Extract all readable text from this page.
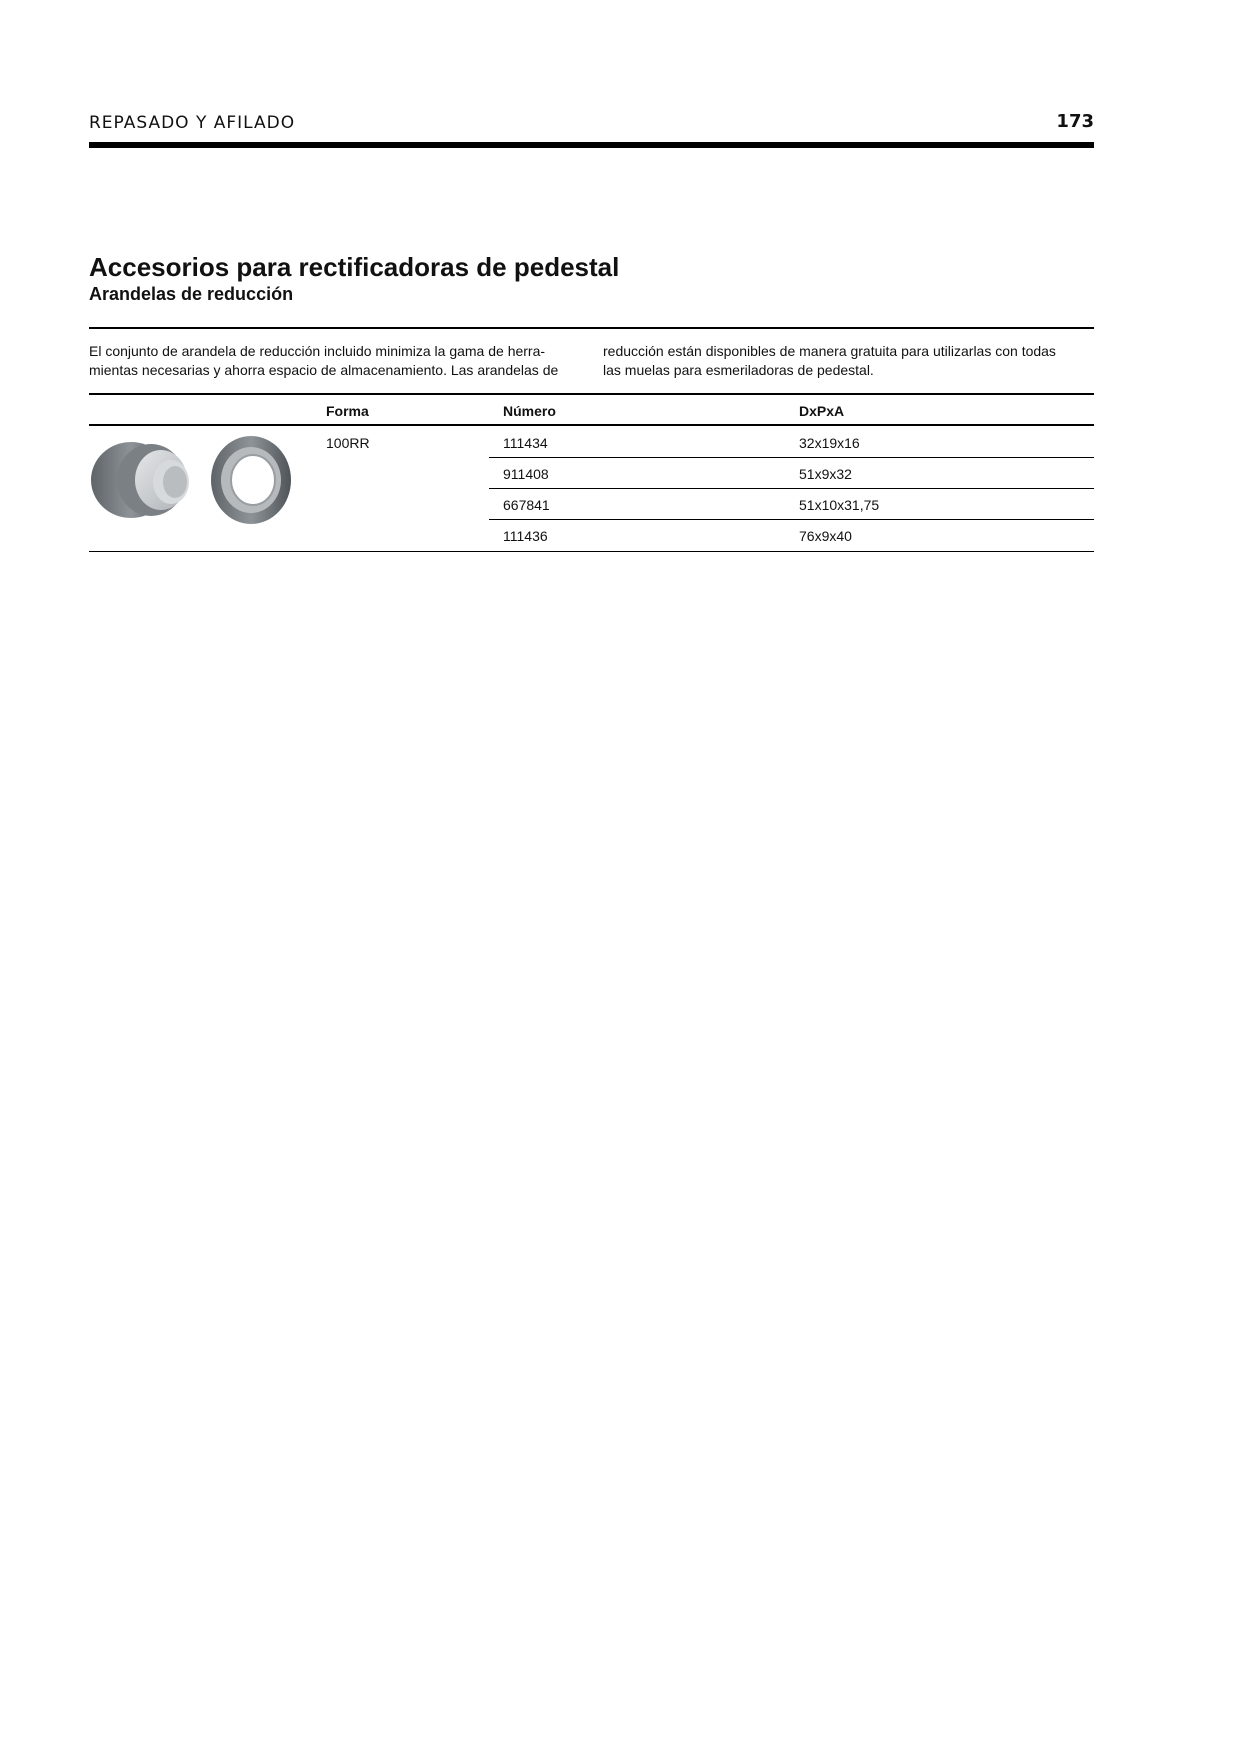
REPASADO Y AFILADO	173
Accesorios para rectificadoras de pedestal
Arandelas de reducción

El conjunto de arandela de reducción incluido minimiza la gama de herra-

mientas necesarias y ahorra espacio de almacenamiento. Las arandelas de

reducción están disponibles de manera gratuita para utilizarlas con todas

las muelas para esmeriladoras de pedestal.

Forma	Número	DxPxA
100RR	111434	32x19x16
911408	51x9x32
667841	51x10x31,75
111436	76x9x40
